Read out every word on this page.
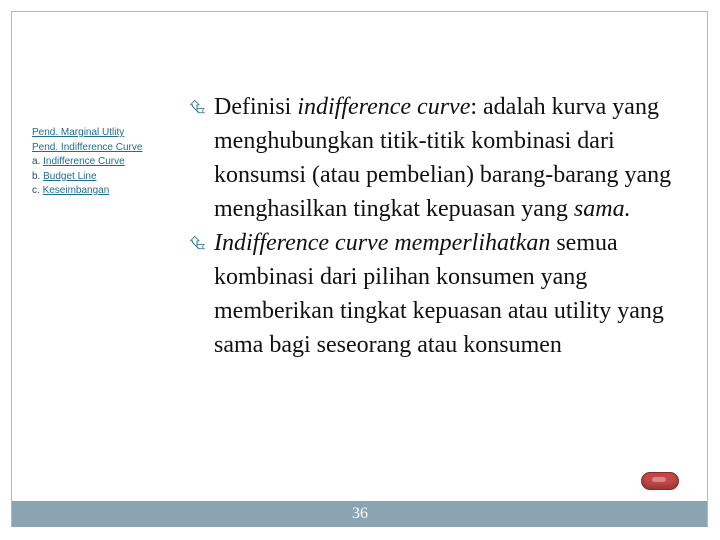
Pend. Marginal Utlity
Pend. Indifference Curve
a. Indifference Curve
b. Budget Line
c. Keseimbangan
⮴ Definisi indifference curve: adalah kurva yang menghubungkan titik-titik kombinasi dari konsumsi (atau pembelian) barang-barang yang menghasilkan tingkat kepuasan yang sama.
⮴ Indifference curve memperlihatkan semua kombinasi dari pilihan konsumen yang memberikan tingkat kepuasan atau utility yang sama bagi seseorang atau konsumen
36
